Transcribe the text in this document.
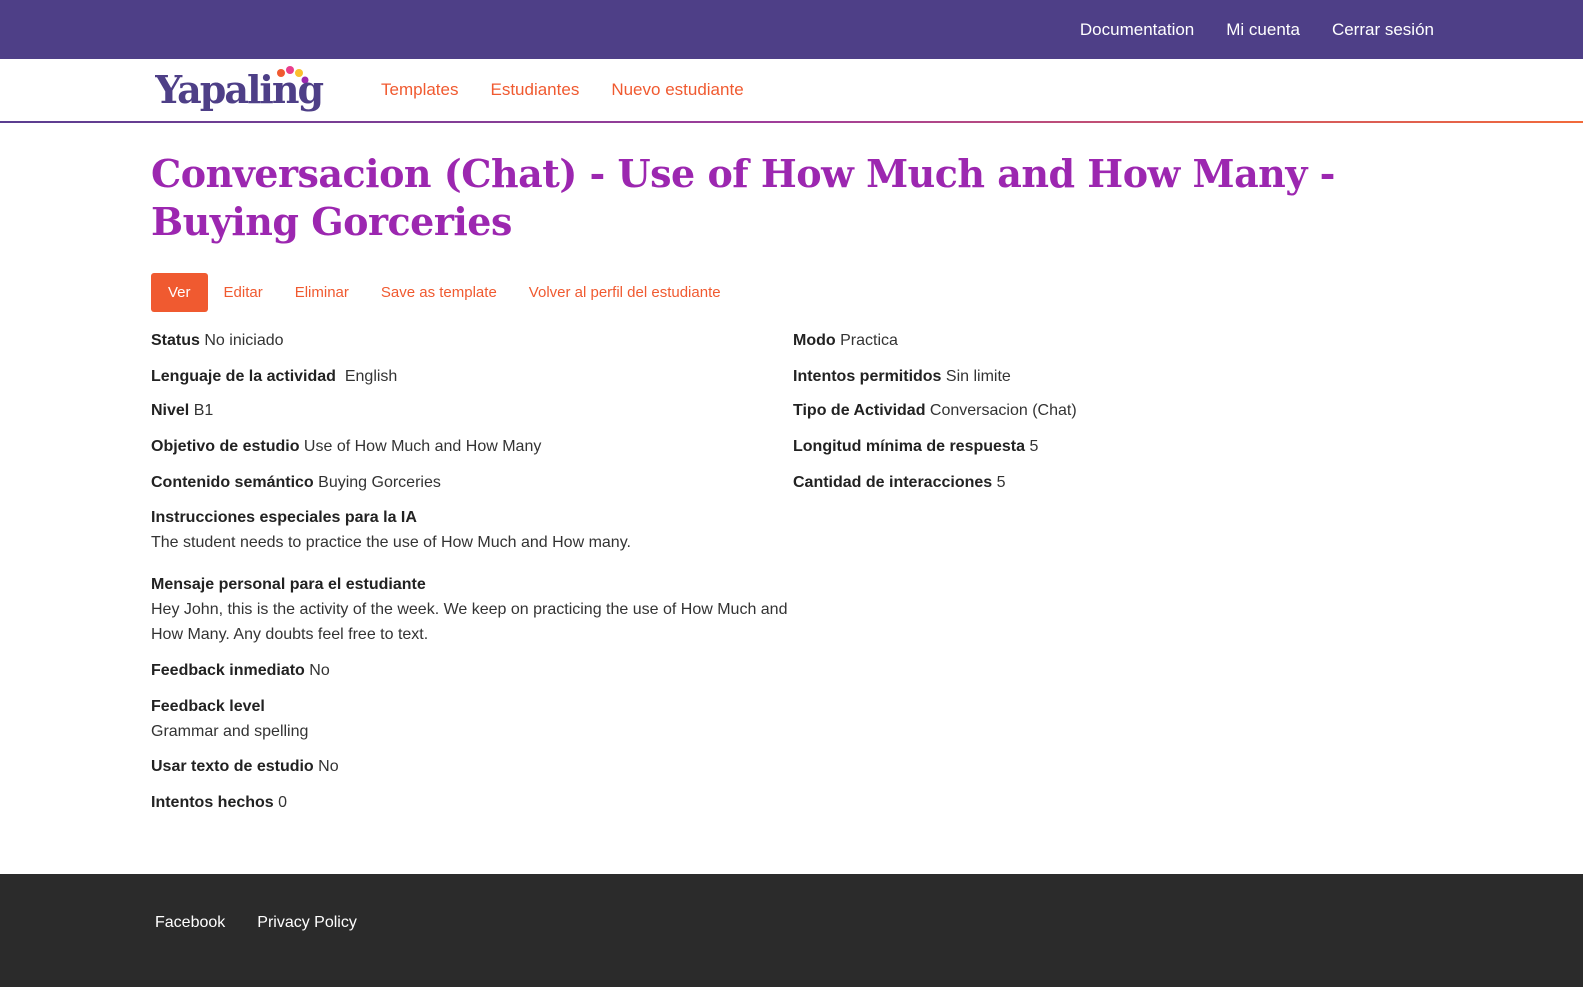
Documentation Mi cuenta Cerrar sesión
Yapaling	Templates Estudiantes Nuevo estudiante
Conversacion (Chat) - Use of How Much and How Many - Buying Gorceries
Ver	Editar Eliminar Save as template Volver al perfil del estudiante
Status No iniciado
Lenguaje de la actividad English
Nivel B1
Objetivo de estudio Use of How Much and How Many
Contenido semántico Buying Gorceries
Instrucciones especiales para la IA
The student needs to practice the use of How Much and How many.
Mensaje personal para el estudiante
Hey John, this is the activity of the week. We keep on practicing the use of How Much and How Many. Any doubts feel free to text.
Feedback inmediato No
Feedback level
Grammar and spelling
Usar texto de estudio No
Intentos hechos 0
Modo Practica
Intentos permitidos Sin limite
Tipo de Actividad Conversacion (Chat)
Longitud mínima de respuesta 5
Cantidad de interacciones 5
Facebook Privacy Policy
